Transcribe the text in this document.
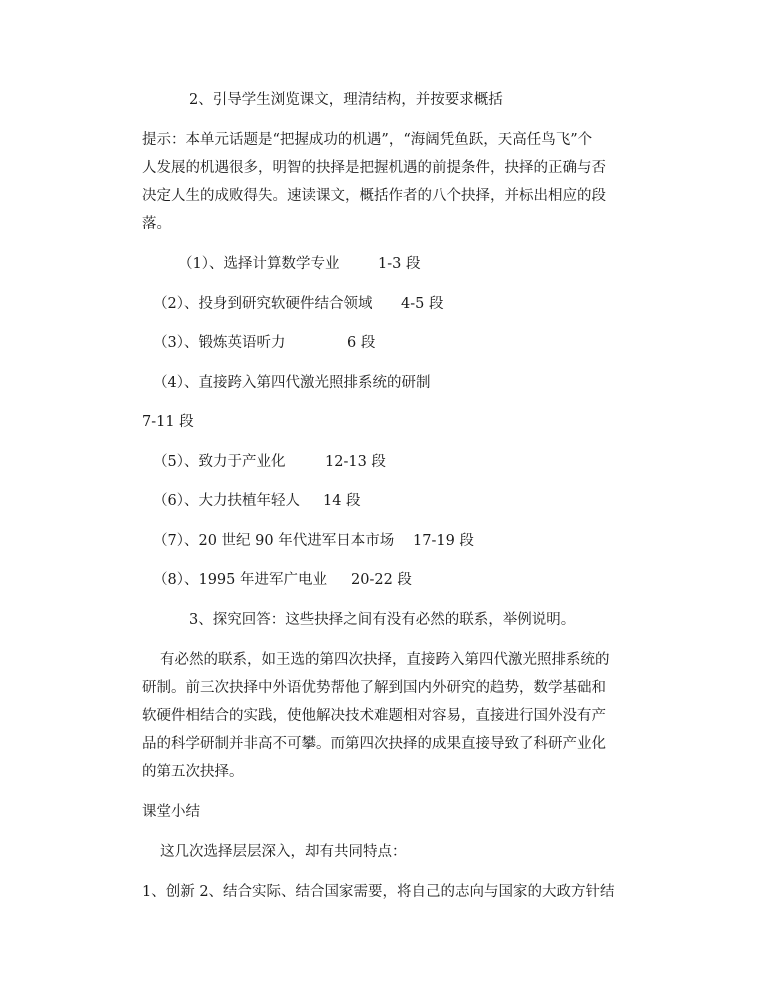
2、引导学生浏览课文，理清结构，并按要求概括
提示：本单元话题是“把握成功的机遇”，“海阔凭鱼跃，天高任鸟飞”个
人发展的机遇很多，明智的抉择是把握机遇的前提条件，抉择的正确与否
决定人生的成败得失。速读课文，概括作者的八个抉择，并标出相应的段
落。
（1）、选择计算数学专业	1-3 段
（2）、投身到研究软硬件结合领域 4-5 段
（3）、锻炼英语听力	6 段
（4）、直接跨入第四代激光照排系统的研制
7-11 段
（5）、致力于产业化	12-13 段
（6）、大力扶植年轻人 14 段
（7）、20 世纪 90 年代进军日本市场 17-19 段
（8）、1995 年进军广电业 20-22 段
3、探究回答：这些抉择之间有没有必然的联系，举例说明。
有必然的联系，如王选的第四次抉择，直接跨入第四代激光照排系统的
研制。前三次抉择中外语优势帮他了解到国内外研究的趋势，数学基础和
软硬件相结合的实践，使他解决技术难题相对容易，直接进行国外没有产
品的科学研制并非高不可攀。而第四次抉择的成果直接导致了科研产业化
的第五次抉择。
课堂小结
这几次选择层层深入，却有共同特点：
1、创新 2、结合实际、结合国家需要，将自己的志向与国家的大政方针结
